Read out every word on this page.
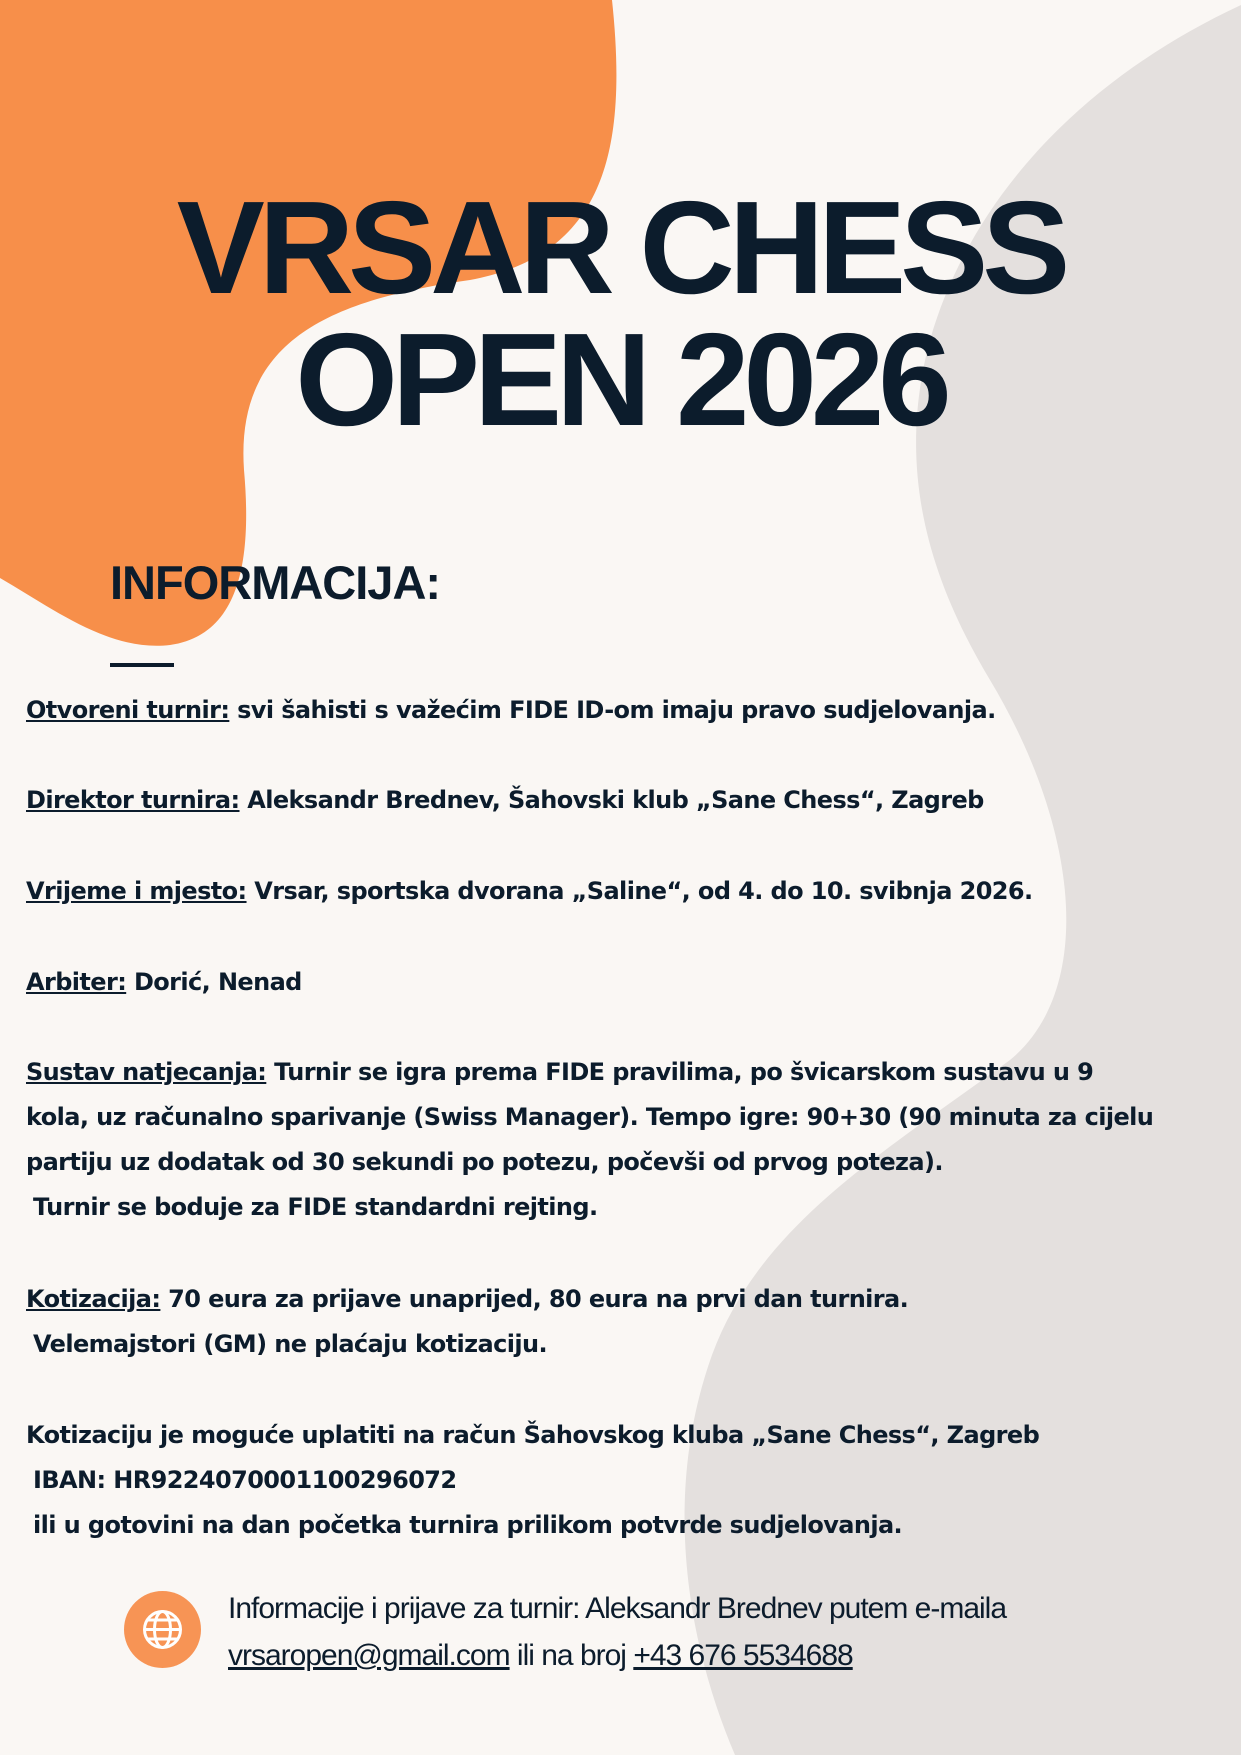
VRSAR CHESS
OPEN 2026
INFORMACIJA:

Otvoreni turnir: svi šahisti s važećim FIDE ID-om imaju pravo sudjelovanja.

Direktor turnira: Aleksandr Brednev, Šahovski klub „Sane Chess“, Zagreb

Vrijeme i mjesto: Vrsar, sportska dvorana „Saline“, od 4. do 10. svibnja 2026.

Arbiter: Dorić, Nenad

Sustav natjecanja: Turnir se igra prema FIDE pravilima, po švicarskom sustavu u 9
kola, uz računalno sparivanje (Swiss Manager). Tempo igre: 90+30 (90 minuta za cijelu
partiju uz dodatak od 30 sekundi po potezu, počevši od prvog poteza).
Turnir se boduje za FIDE standardni rejting.

Kotizacija: 70 eura za prijave unaprijed, 80 eura na prvi dan turnira.
Velemajstori (GM) ne plaćaju kotizaciju.

Kotizaciju je moguće uplatiti na račun Šahovskog kluba „Sane Chess“, Zagreb
IBAN: HR9224070001100296072
ili u gotovini na dan početka turnira prilikom potvrde sudjelovanja.

Informacije i prijave za turnir: Aleksandr Brednev putem e-maila
vrsaropen@gmail.com ili na broj +43 676 5534688
